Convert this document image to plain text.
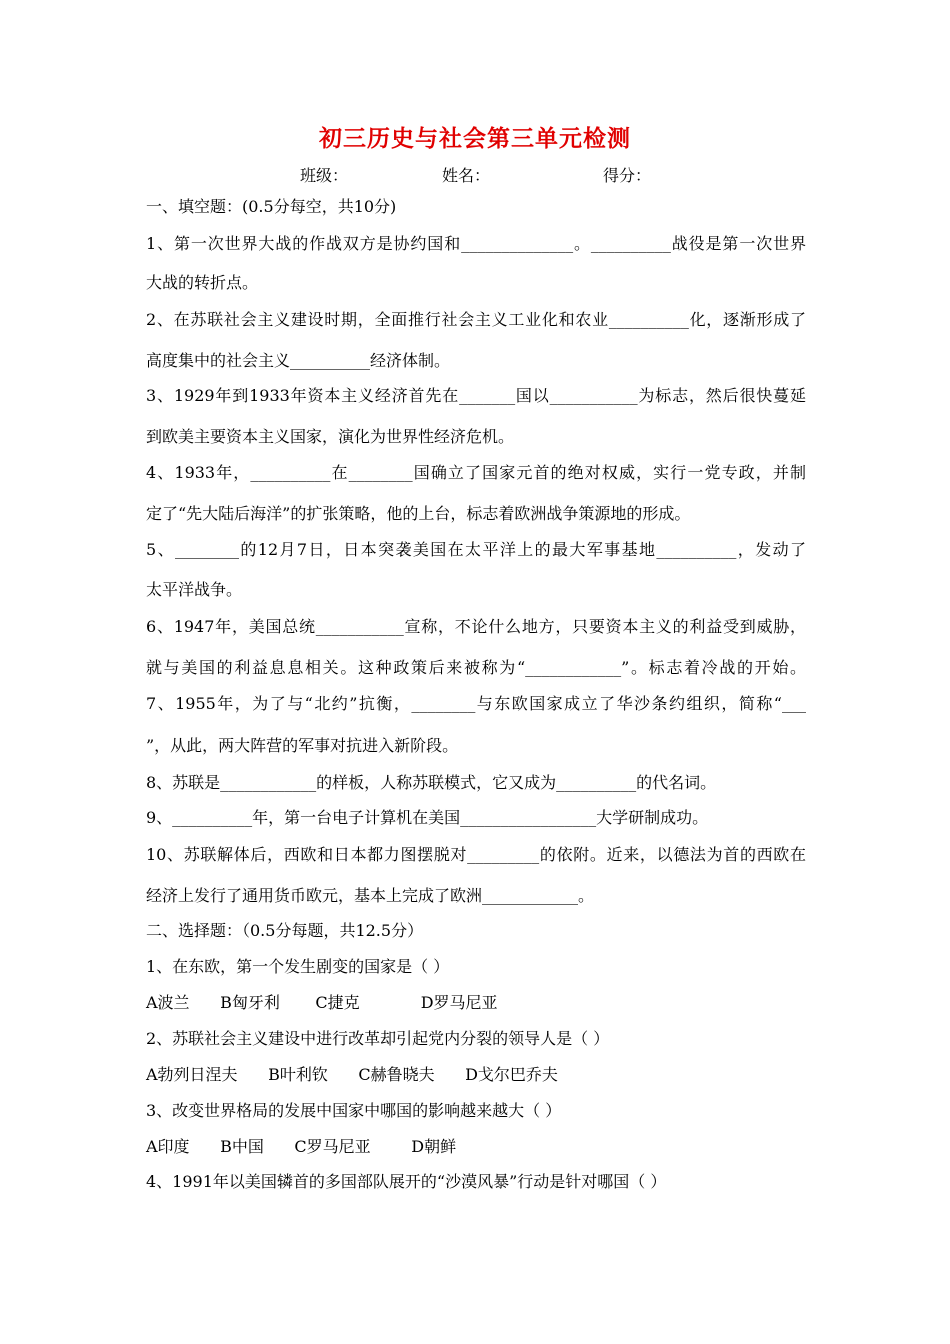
初三历史与社会第三单元检测
班级：	姓名：	得分：
一、填空题：(0.5分每空，共10分)
1、第一次世界大战的作战双方是协约国和______________。__________战役是第一次世界
大战的转折点。
2、在苏联社会主义建设时期，全面推行社会主义工业化和农业__________化，逐渐形成了
高度集中的社会主义__________经济体制。
3、1929年到1933年资本主义经济首先在_______国以___________为标志，然后很快蔓延
到欧美主要资本主义国家，演化为世界性经济危机。
4、1933年，__________在________国确立了国家元首的绝对权威，实行一党专政，并制
定了“先大陆后海洋”的扩张策略，他的上台，标志着欧洲战争策源地的形成。
5、________的12月7日，日本突袭美国在太平洋上的最大军事基地__________，发动了
太平洋战争。
6、1947年，美国总统___________宣称，不论什么地方，只要资本主义的利益受到威胁，
就与美国的利益息息相关。这种政策后来被称为“____________”。标志着冷战的开始。
7、1955年，为了与“北约”抗衡，________与东欧国家成立了华沙条约组织，简称“___
”，从此，两大阵营的军事对抗进入新阶段。
8、苏联是____________的样板，人称苏联模式，它又成为__________的代名词。
9、__________年，第一台电子计算机在美国_________________大学研制成功。
10、苏联解体后，西欧和日本都力图摆脱对_________的依附。近来，以德法为首的西欧在
经济上发行了通用货币欧元，基本上完成了欧洲____________。
二、选择题：（0.5分每题，共12.5分）
1、在东欧，第一个发生剧变的国家是（ ）
A波兰      B匈牙利       C捷克            D罗马尼亚
2、苏联社会主义建设中进行改革却引起党内分裂的领导人是（ ）
A勃列日涅夫      B叶利钦      C赫鲁晓夫      D戈尔巴乔夫
3、改变世界格局的发展中国家中哪国的影响越来越大（ ）
A印度      B中国      C罗马尼亚        D朝鲜
4、1991年以美国辚首的多国部队展开的“沙漠风暴”行动是针对哪国（ ）
